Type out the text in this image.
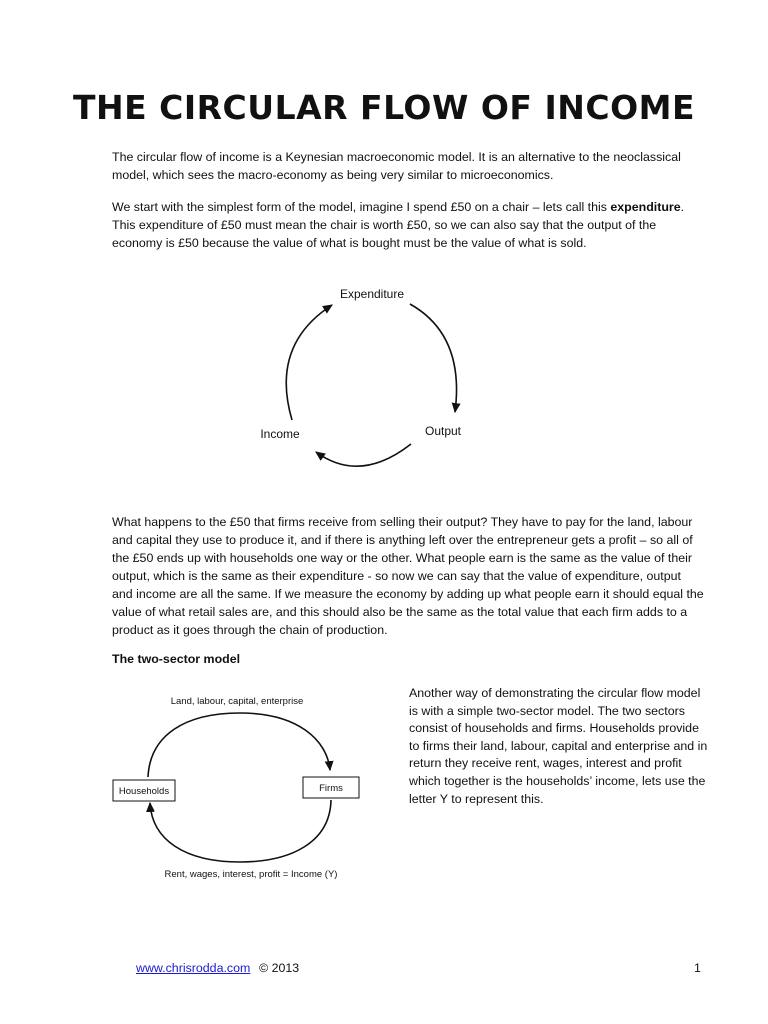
THE CIRCULAR FLOW OF INCOME

The circular flow of income is a Keynesian macroeconomic model. It is an alternative to the neoclassical model, which sees the macro-economy as being very similar to microeconomics.

We start with the simplest form of the model, imagine I spend £50 on a chair – lets call this expenditure. This expenditure of £50 must mean the chair is worth £50, so we can also say that the output of the economy is £50 because the value of what is bought must be the value of what is sold.

Expenditure
Output
Income
Households	Firms
Land, labour, capital, enterprise
Rent, wages, interest, profit = Income (Y)

What happens to the £50 that firms receive from selling their output? They have to pay for the land, labour and capital they use to produce it, and if there is anything left over the entrepreneur gets a profit – so all of the £50 ends up with households one way or the other. What people earn is the same as the value of their output, which is the same as their expenditure - so now we can say that the value of expenditure, output and income are all the same. If we measure the economy by adding up what people earn it should equal the value of what retail sales are, and this should also be the same as the total value that each firm adds to a product as it goes through the chain of production.

The two-sector model

Another way of demonstrating the circular flow model is with a simple two-sector model. The two sectors consist of households and firms. Households provide to firms their land, labour, capital and enterprise and in return they receive rent, wages, interest and profit which together is the households’ income, lets use the letter Y to represent this.

www.chrisrodda.com © 2013	1
